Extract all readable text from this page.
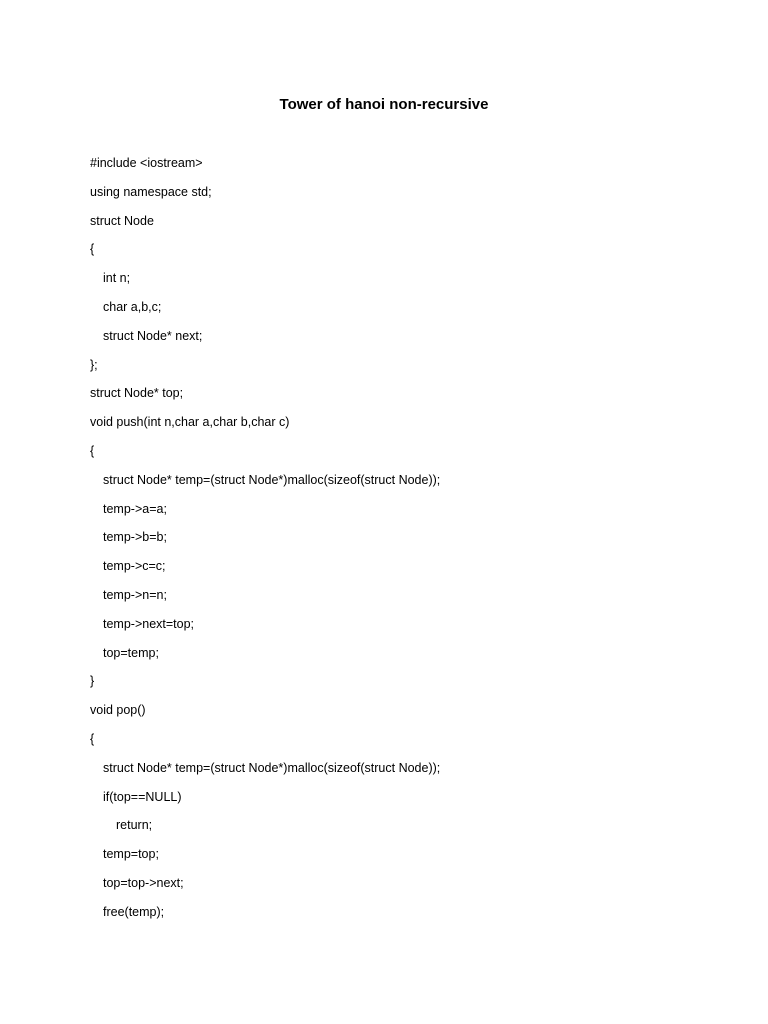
Tower of hanoi non-recursive
#include <iostream>
using namespace std;
struct Node
{
int n;
char a,b,c;
struct Node* next;
};
struct Node* top;
void push(int n,char a,char b,char c)
{
struct Node* temp=(struct Node*)malloc(sizeof(struct Node));
temp->a=a;
temp->b=b;
temp->c=c;
temp->n=n;
temp->next=top;
top=temp;
}
void pop()
{
struct Node* temp=(struct Node*)malloc(sizeof(struct Node));
if(top==NULL)
return;
temp=top;
top=top->next;
free(temp);
